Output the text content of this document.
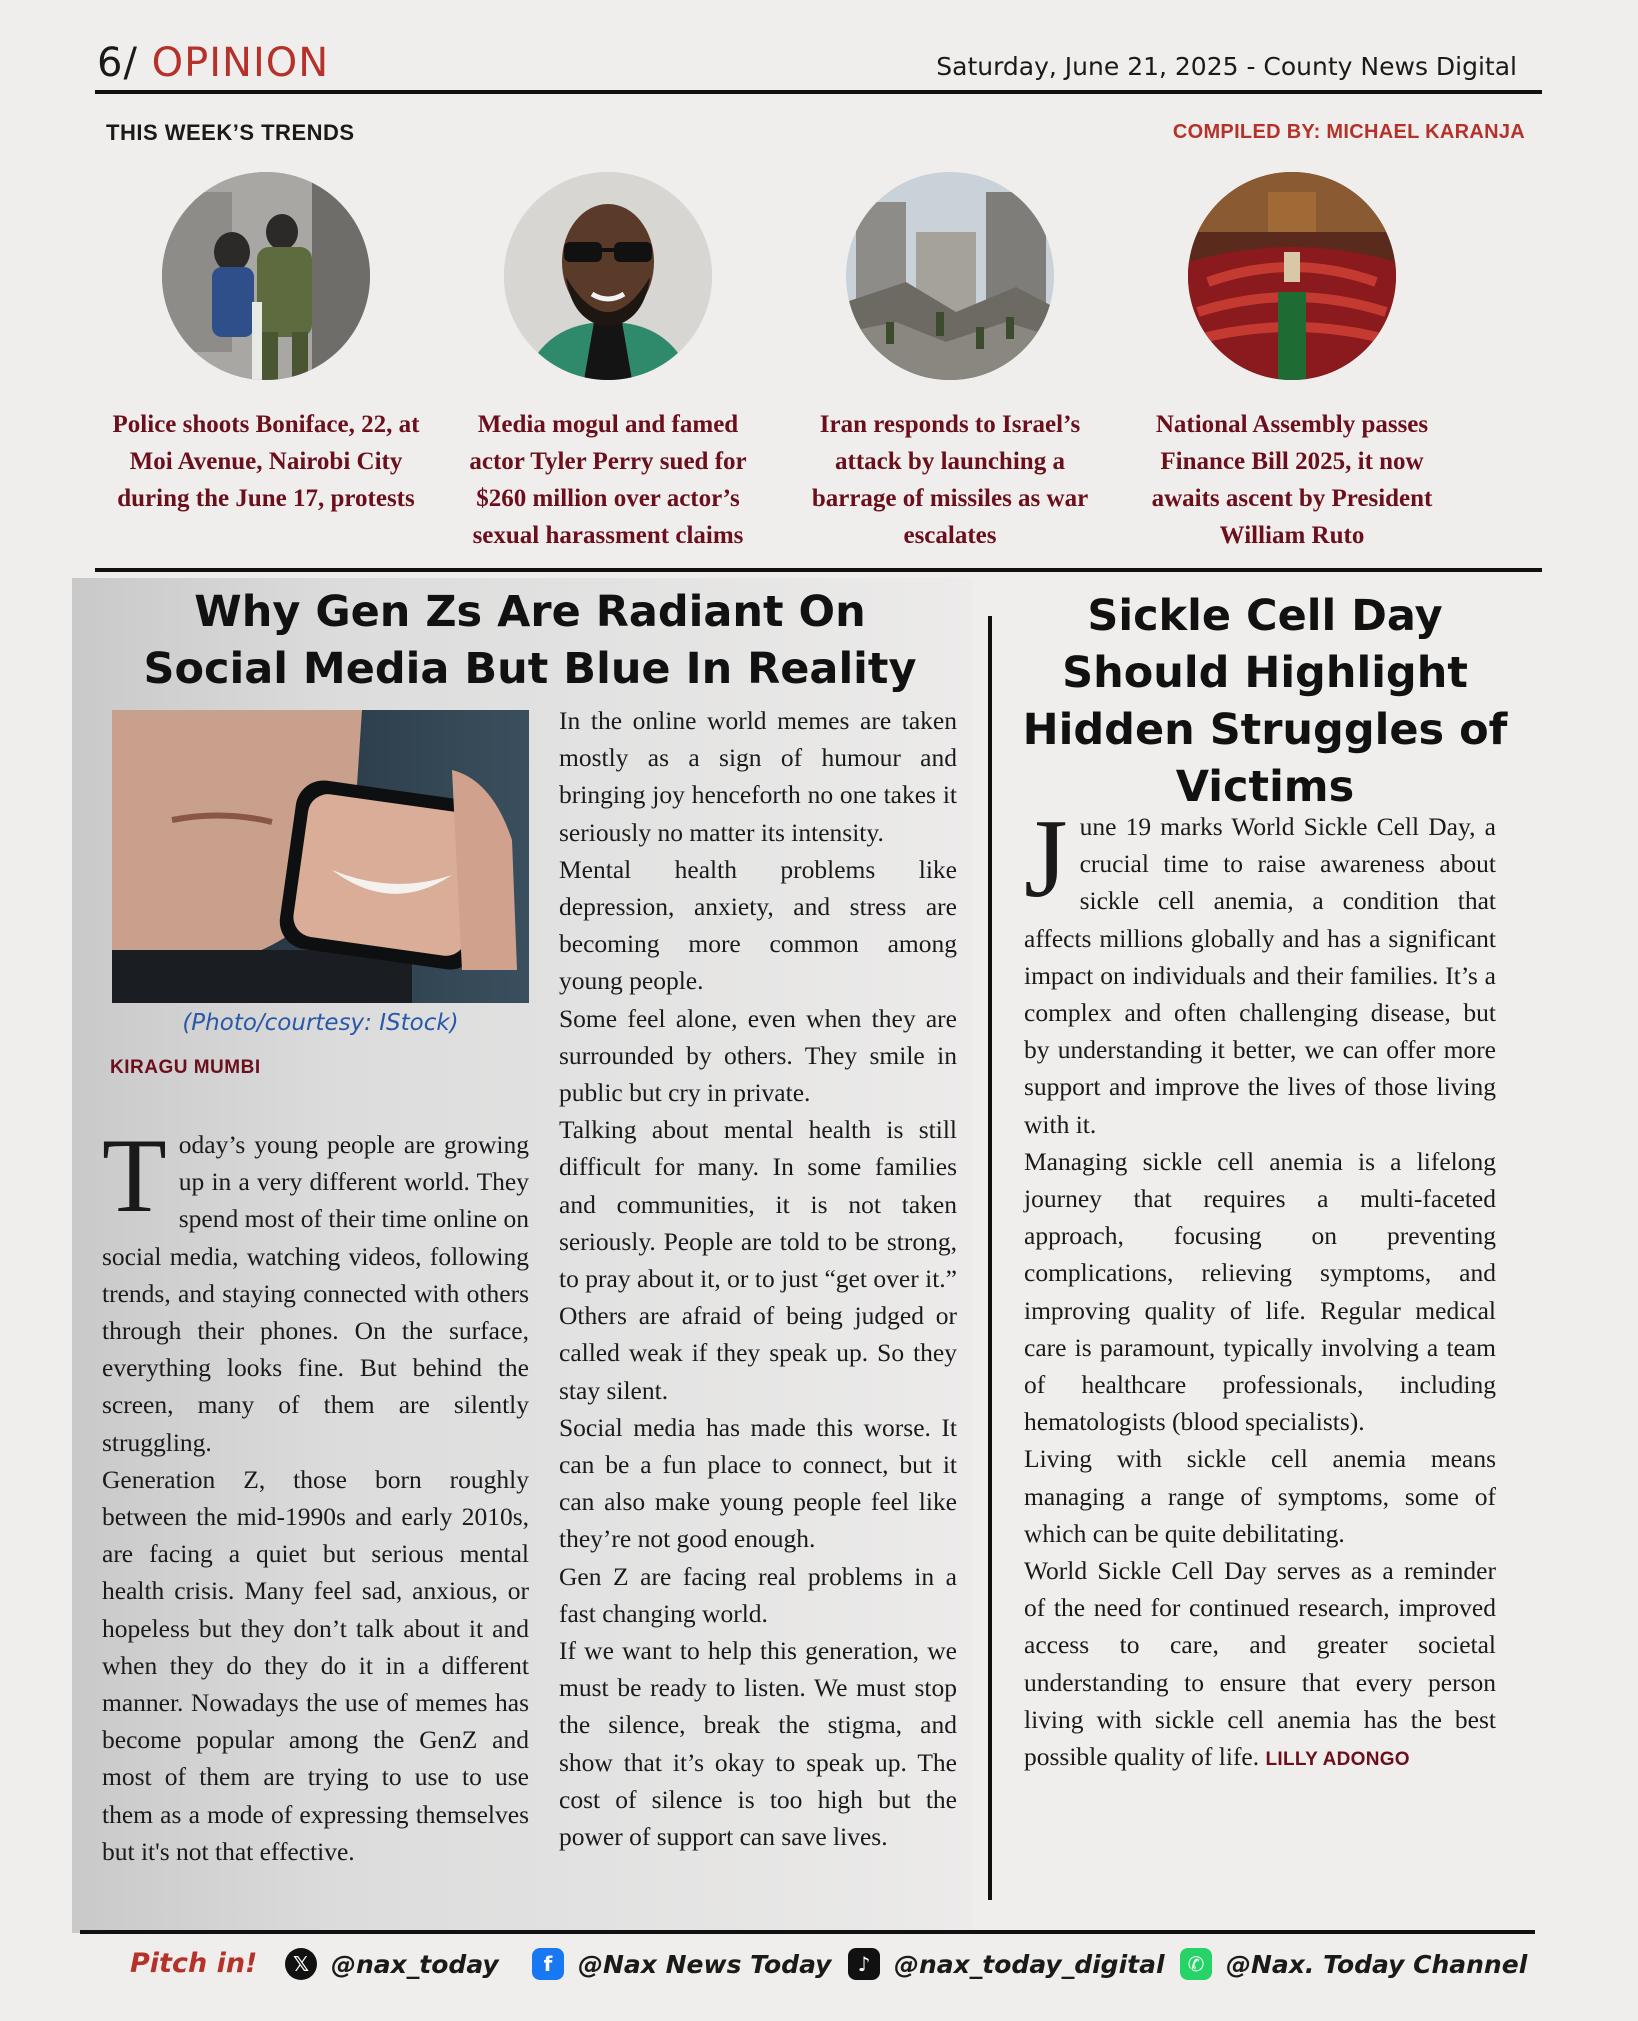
6/ OPINION	Saturday, June 21, 2025 - County News Digital
THIS WEEK’S TRENDS	COMPILED BY: MICHAEL KARANJA
Police shoots Boniface, 22, at Moi Avenue, Nairobi City during the June 17, protests
Media mogul and famed actor Tyler Perry sued for $260 million over actor’s sexual harassment claims
Iran responds to Israel’s attack by launching a barrage of missiles as war escalates
National Assembly passes Finance Bill 2025, it now awaits ascent by President William Ruto
Why Gen Zs Are Radiant On Social Media But Blue In Reality
(Photo/courtesy: IStock)
KIRAGU MUMBI

Today’s young people are growing up in a very different world. They spend most of their time online on social media, watching videos, following trends, and staying connected with others through their phones. On the surface, everything looks fine. But behind the screen, many of them are silently struggling.

Generation Z, those born roughly between the mid-1990s and early 2010s, are facing a quiet but serious mental health crisis. Many feel sad, anxious, or hopeless but they don’t talk about it and when they do they do it in a different manner. Nowadays the use of memes has become popular among the GenZ and most of them are trying to use to use them as a mode of expressing themselves but it's not that effective.

In the online world memes are taken mostly as a sign of humour and bringing joy henceforth no one takes it seriously no matter its intensity.

Mental health problems like depression, anxiety, and stress are becoming more common among young people.

Some feel alone, even when they are surrounded by others. They smile in public but cry in private.

Talking about mental health is still difficult for many. In some families and communities, it is not taken seriously. People are told to be strong, to pray about it, or to just “get over it.” Others are afraid of being judged or called weak if they speak up. So they stay silent.

Social media has made this worse. It can be a fun place to connect, but it can also make young people feel like they’re not good enough.

Gen Z are facing real problems in a fast changing world.

If we want to help this generation, we must be ready to listen. We must stop the silence, break the stigma, and show that it’s okay to speak up. The cost of silence is too high but the power of support can save lives.

Sickle Cell Day Should Highlight Hidden Struggles of Victims

June 19 marks World Sickle Cell Day, a crucial time to raise awareness about sickle cell anemia, a condition that affects millions globally and has a significant impact on individuals and their families. It’s a complex and often challenging disease, but by understanding it better, we can offer more support and improve the lives of those living with it.

Managing sickle cell anemia is a lifelong journey that requires a multi-faceted approach, focusing on preventing complications, relieving symptoms, and improving quality of life. Regular medical care is paramount, typically involving a team of healthcare professionals, including hematologists (blood specialists).

Living with sickle cell anemia means managing a range of symptoms, some of which can be quite debilitating.

World Sickle Cell Day serves as a reminder of the need for continued research, improved access to care, and greater societal understanding to ensure that every person living with sickle cell anemia has the best possible quality of life. LILLY ADONGO

Pitch in!	𝕏 @nax_today	f	@Nax News Today	♪ @nax_today_digital	✆ @Nax. Today Channel
